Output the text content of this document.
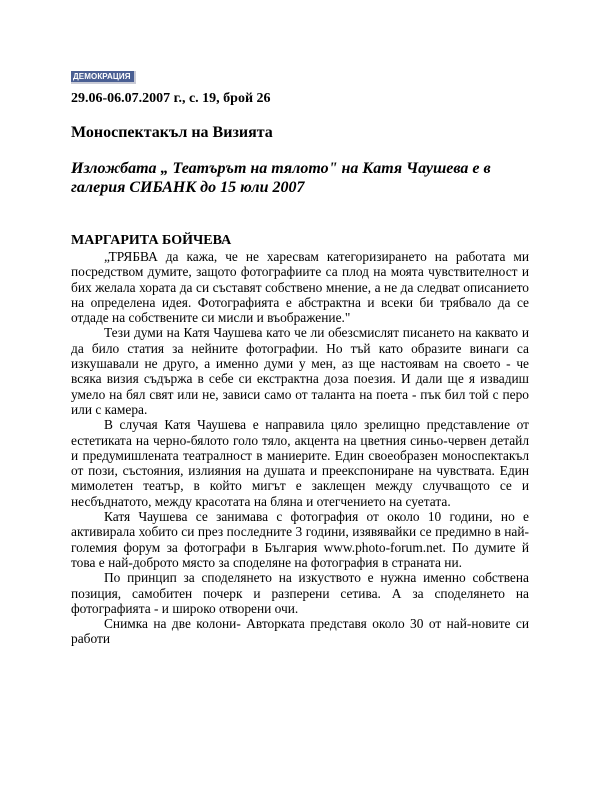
ДЕМОКРАЦИЯ
29.06-06.07.2007 г., с. 19, брой 26
Моноспектакъл на Визията
Изложбата „ Театърът на тялото" на Катя Чаушева е в галерия СИБАНК до 15 юли 2007
МАРГАРИТА БОЙЧЕВА

„ТРЯБВА да кажа, че не харесвам категоризирането на работата ми посредством думите, защото фотографиите са плод на моята чувствителност и бих желала хората да си съставят собствено мнение, а не да следват описанието на определена идея. Фотографията е абстрактна и всеки би трябвало да се отдаде на собствените си мисли и въображение."

Тези думи на Катя Чаушева като че ли обезсмислят писането на каквато и да било статия за нейните фотографии. Но тъй като образите винаги са изкушавали не друго, а именно думи у мен, аз ще настоявам на своето - че всяка визия съдържа в себе си екстрактна доза поезия. И дали ще я извадиш умело на бял свят или не, зависи само от таланта на поета - пък бил той с перо или с камера.

В случая Катя Чаушева е направила цяло зрелищно представление от естетиката на черно-бялото голо тяло, акцента на цветния синьо-червен детайл и предумишлената театралност в маниерите. Един своеобразен моноспектакъл от пози, състояния, излияния на душата и преекспониране на чувствата. Един мимолетен театър, в който мигът е заклещен между случващото се и несбъднатото, между красотата на бляна и отегчението на суетата.

Катя Чаушева се занимава с фотография от около 10 години, но е активирала хобито си през последните 3 години, изявявайки се предимно в най-големия форум за фотографи в България www.photo-forum.net. По думите й това е най-доброто място за споделяне на фотография в страната ни.

По принцип за споделянето на изкуството е нужна именно собствена позиция, самобитен почерк и разперени сетива. А за споделянето на фотографията - и широко отворени очи.

Снимка на две колони- Авторката представя около 30 от най-новите си работи
